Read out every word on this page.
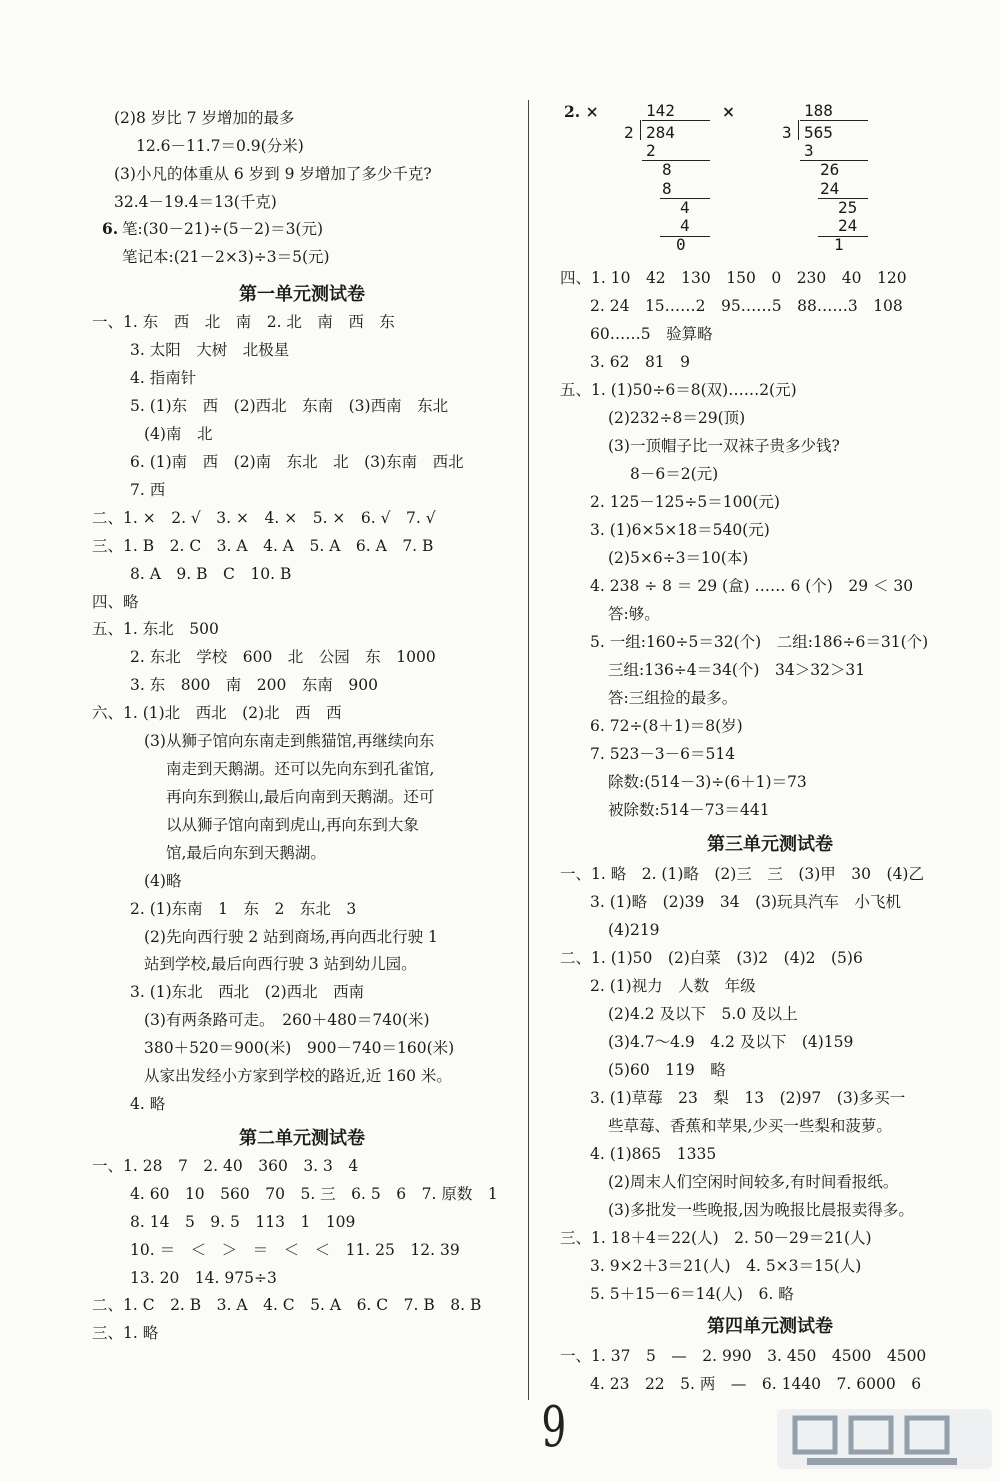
(2)8 岁比 7 岁增加的最多
12.6－11.7＝0.9(分米)
(3)小凡的体重从 6 岁到 9 岁增加了多少千克?
32.4－19.4＝13(千克)
6. 笔:(30－21)÷(5－2)＝3(元)
笔记本:(21－2×3)÷3＝5(元)
第一单元测试卷
一、1. 东　西　北　南　2. 北　南　西　东
3. 太阳　大树　北极星
4. 指南针
5. (1)东　西　(2)西北　东南　(3)西南　东北
(4)南　北
6. (1)南　西　(2)南　东北　北　(3)东南　西北
7. 西
二、1. ×　2. √　3. ×　4. ×　5. ×　6. √　7. √
三、1. B　2. C　3. A　4. A　5. A　6. A　7. B
8. A　9. B　C　10. B
四、略
五、1. 东北　500
2. 东北　学校　600　北　公园　东　1000
3. 东　800　南　200　东南　900
六、1. (1)北　西北　(2)北　西　西
(3)从狮子馆向东南走到熊猫馆,再继续向东
南走到天鹅湖。还可以先向东到孔雀馆,
再向东到猴山,最后向南到天鹅湖。还可
以从狮子馆向南到虎山,再向东到大象
馆,最后向东到天鹅湖。
(4)略
2. (1)东南　1　东　2　东北　3
(2)先向西行驶 2 站到商场,再向西北行驶 1
站到学校,最后向西行驶 3 站到幼儿园。
3. (1)东北　西北　(2)西北　西南
(3)有两条路可走。　260＋480＝740(米)
380＋520＝900(米)　900－740＝160(米)
从家出发经小方家到学校的路近,近 160 米。
4. 略
第二单元测试卷
一、1. 28　7　2. 40　360　3. 3　4
4. 60　10　560　70　5. 三　6. 5　6　7. 原数　1
8. 14　5　9. 5　113　1　109
10. ＝　＜　＞　＝　＜　＜　11. 25　12. 39
13. 20　14. 975÷3
二、1. C　2. B　3. A　4. C　5. A　6. C　7. B　8. B
三、1. 略
2. ×	142
2 284
2
8
8
4
4
0
×	188
3 565
3
26
24
25
24
1
四、1. 10　42　130　150　0　230　40　120
2. 24　15……2　95……5　88……3　108
60……5　验算略
3. 62　81　9
五、1. (1)50÷6＝8(双)……2(元)
(2)232÷8＝29(顶)
(3)一顶帽子比一双袜子贵多少钱?
8－6＝2(元)
2. 125－125÷5＝100(元)
3. (1)6×5×18＝540(元)
(2)5×6÷3＝10(本)
4. 238 ÷ 8 ＝ 29 (盒) …… 6 (个)　29 ＜ 30
答:够。
5. 一组:160÷5＝32(个)　二组:186÷6＝31(个)
三组:136÷4＝34(个)　34＞32＞31
答:三组捡的最多。
6. 72÷(8＋1)＝8(岁)
7. 523－3－6＝514
除数:(514－3)÷(6＋1)＝73
被除数:514－73＝441
第三单元测试卷
一、1. 略　2. (1)略　(2)三　三　(3)甲　30　(4)乙
3. (1)略　(2)39　34　(3)玩具汽车　小飞机
(4)219
二、1. (1)50　(2)白菜　(3)2　(4)2　(5)6
2. (1)视力　人数　年级
(2)4.2 及以下　5.0 及以上
(3)4.7～4.9　4.2 及以下　(4)159
(5)60　119　略
3. (1)草莓　23　梨　13　(2)97　(3)多买一
些草莓、香蕉和苹果,少买一些梨和菠萝。
4. (1)865　1335
(2)周末人们空闲时间较多,有时间看报纸。
(3)多批发一些晚报,因为晚报比晨报卖得多。
三、1. 18＋4＝22(人)　2. 50－29＝21(人)
3. 9×2＋3＝21(人)　4. 5×3＝15(人)
5. 5＋15－6＝14(人)　6. 略
第四单元测试卷
一、1. 37　5　—　2. 990　3. 450　4500　4500
4. 23　22　5. 两　—　6. 1440　7. 6000　6
9
